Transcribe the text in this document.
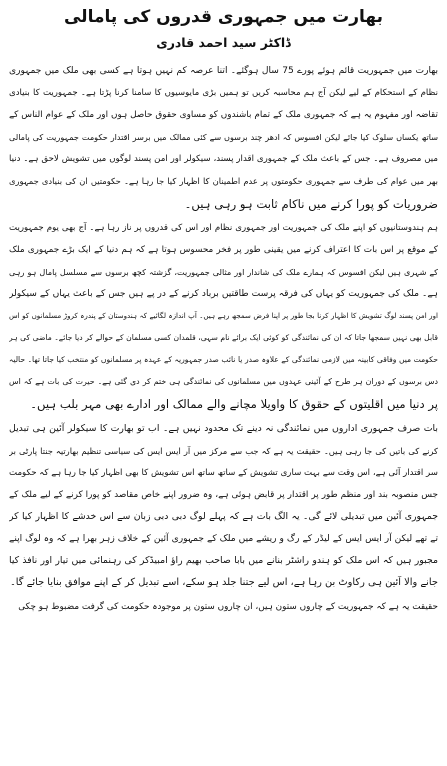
بھارت میں جمہوری قدروں کی پامالی
ڈاکٹر سید احمد قادری
بھارت میں جمہوریت قائم ہوئے پورے 75 سال ہوگئے۔ اتنا عرصہ کم نہیں ہوتا ہے کسی بھی ملک میں جمہوری
نظام کے استحکام کے لیے لیکن آج ہم محاسبہ کریں تو ہمیں بڑی مایوسیوں کا سامنا کرنا پڑتا ہے۔ جمہوریت کا بنیادی
تقاضہ اور مفہوم یہ ہے کہ جمہوری ملک کے تمام باشندوں کو مساوی حقوق حاصل ہوں اور ملک کے عوام الناس کے
ساتھ یکساں سلوک کیا جائے لیکن افسوس کہ ادھر چند برسوں سے کئی ممالک میں برسر اقتدار حکومت جمہوریت کی پامالی
میں مصروف ہے۔ جس کے باعث ملک کے جمہوری اقدار پسند، سیکولر اور امن پسند لوگوں میں تشویش لاحق ہے۔ دنیا
بھر میں عوام کی طرف سے جمہوری حکومتوں پر عدم اطمینان کا اظہار کیا جا رہا ہے۔ حکومتیں ان کی بنیادی جمہوری
ضروریات کو پورا کرنے میں ناکام ثابت ہو رہی ہیں۔
ہم ہندوستانیوں کو اپنے ملک کی جمہوریت اور جمہوری نظام اور اس کی قدروں پر ناز رہا ہے۔ آج بھی یوم جمہوریت
کے موقع پر اس بات کا اعتراف کرنے میں یقینی طور پر فخر محسوس ہوتا ہے کہ ہم دنیا کے ایک بڑے جمہوری ملک
کے شہری ہیں لیکن افسوس کہ ہمارے ملک کی شاندار اور مثالی جمہوریت، گزشتہ کچھ برسوں سے مسلسل پامال ہو رہی
ہے۔ ملک کی جمہوریت کو یہاں کی فرقہ پرست طاقتیں برباد کرنے کے در پے ہیں جس کے باعث یہاں کے سیکولر
اور امن پسند لوگ تشویش کا اظہار کرنا بجا طور پر اپنا فرض سمجھ رہے ہیں۔ آپ اندازہ لگائیے کہ ہندوستان کے پندرہ کروڑ مسلمانوں کو اس
قابل بھی نہیں سمجھا جاتا کہ ان کی نمائندگی کو کوئی ایک برائے نام سہی، قلمدان کسی مسلمان کے حوالے کر دیا جائے۔ ماضی کی ہر
حکومت میں وفاقی کابینہ میں لازمی نمائندگی کے علاوہ صدر یا نائب صدر جمہوریہ کے عہدہ پر مسلمانوں کو منتخب کیا جاتا تھا۔ حالیہ
دس برسوں کے دوران ہر طرح کے آئینی عہدوں میں مسلمانوں کی نمائندگی ہی ختم کر دی گئی ہے۔ حیرت کی بات ہے کہ اس
پر دنیا میں اقلیتوں کے حقوق کا واویلا مچانے والے ممالک اور ادارے بھی مہر بلب ہیں۔
بات صرف جمہوری اداروں میں نمائندگی نہ دینے تک محدود نہیں ہے۔ اب تو بھارت کا سیکولر آئین ہی تبدیل
کرنے کی باتیں کی جا رہی ہیں۔ حقیقت یہ ہے کہ جب سے مرکز میں آر ایس ایس کی سیاسی تنظیم بھارتیہ جنتا پارٹی بر
سر اقتدار آئی ہے، اس وقت سے بہت ساری تشویش کے ساتھ ساتھ اس تشویش کا بھی اظہار کیا جا رہا ہے کہ حکومت
جس منصوبہ بند اور منظم طور پر اقتدار پر قابض ہوئی ہے، وہ ضرور اپنے خاص مقاصد کو پورا کرنے کے لیے ملک کے
جمہوری آئین میں تبدیلی لائے گی۔ یہ الگ بات ہے کہ پہلے لوگ دبی دبی زبان سے اس خدشے کا اظہار کیا کر
تے تھے لیکن آر ایس ایس کے لیڈر کے رگ و ریشے میں ملک کے جمہوری آئین کے خلاف زہر بھرا ہے کہ وہ لوگ اپنے
مجبور ہیں کہ اس ملک کو ہندو راشٹر بنانے میں بابا صاحب بھیم راؤ امبیڈکر کی رہنمائی میں تیار اور نافذ کیا
جانے والا آئین ہی رکاوٹ بن رہا ہے، اس لیے جتنا جلد ہو سکے، اسے تبدیل کر کے اپنے موافق بنایا جائے گا۔
حقیقت یہ ہے کہ جمہوریت کے چاروں ستون ہیں، ان چاروں ستون پر موجودہ حکومت کی گرفت مضبوط ہو چکی
